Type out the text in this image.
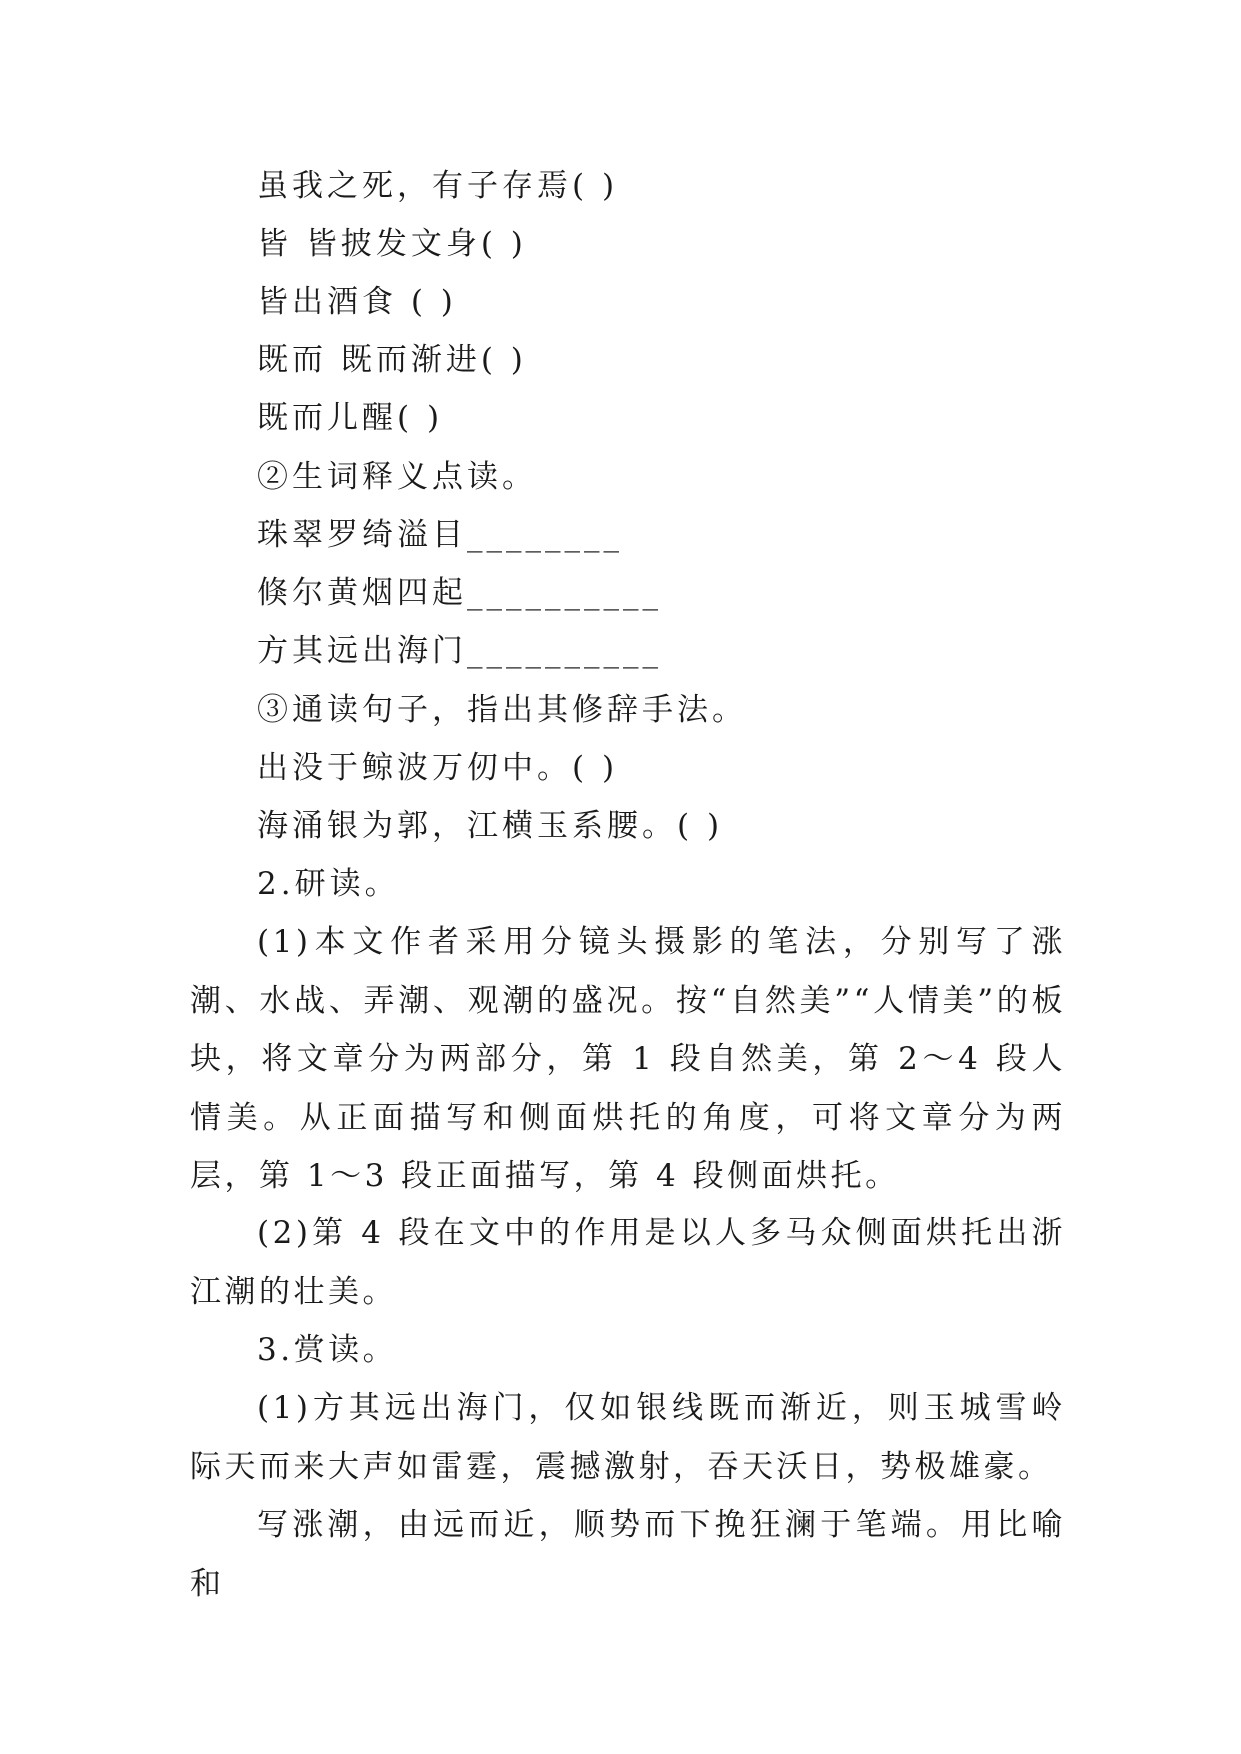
虽我之死，有子存焉( )
皆 皆披发文身( )
皆出酒食 ( )
既而 既而渐进( )
既而儿醒( )
②生词释义点读。
珠翠罗绮溢目________
倏尔黄烟四起__________
方其远出海门__________
③通读句子，指出其修辞手法。
出没于鲸波万仞中。( )
海涌银为郭，江横玉系腰。( )
2.研读。
(1)本文作者采用分镜头摄影的笔法，分别写了涨潮、水战、弄潮、观潮的盛况。按“自然美”“人情美”的板块，将文章分为两部分，第 1 段自然美，第 2～4 段人情美。从正面描写和侧面烘托的角度，可将文章分为两层，第 1～3 段正面描写，第 4 段侧面烘托。
(2)第 4 段在文中的作用是以人多马众侧面烘托出浙江潮的壮美。
3.赏读。
(1)方其远出海门，仅如银线既而渐近，则玉城雪岭际天而来大声如雷霆，震撼激射，吞天沃日，势极雄豪。
写涨潮，由远而近，顺势而下挽狂澜于笔端。用比喻和
